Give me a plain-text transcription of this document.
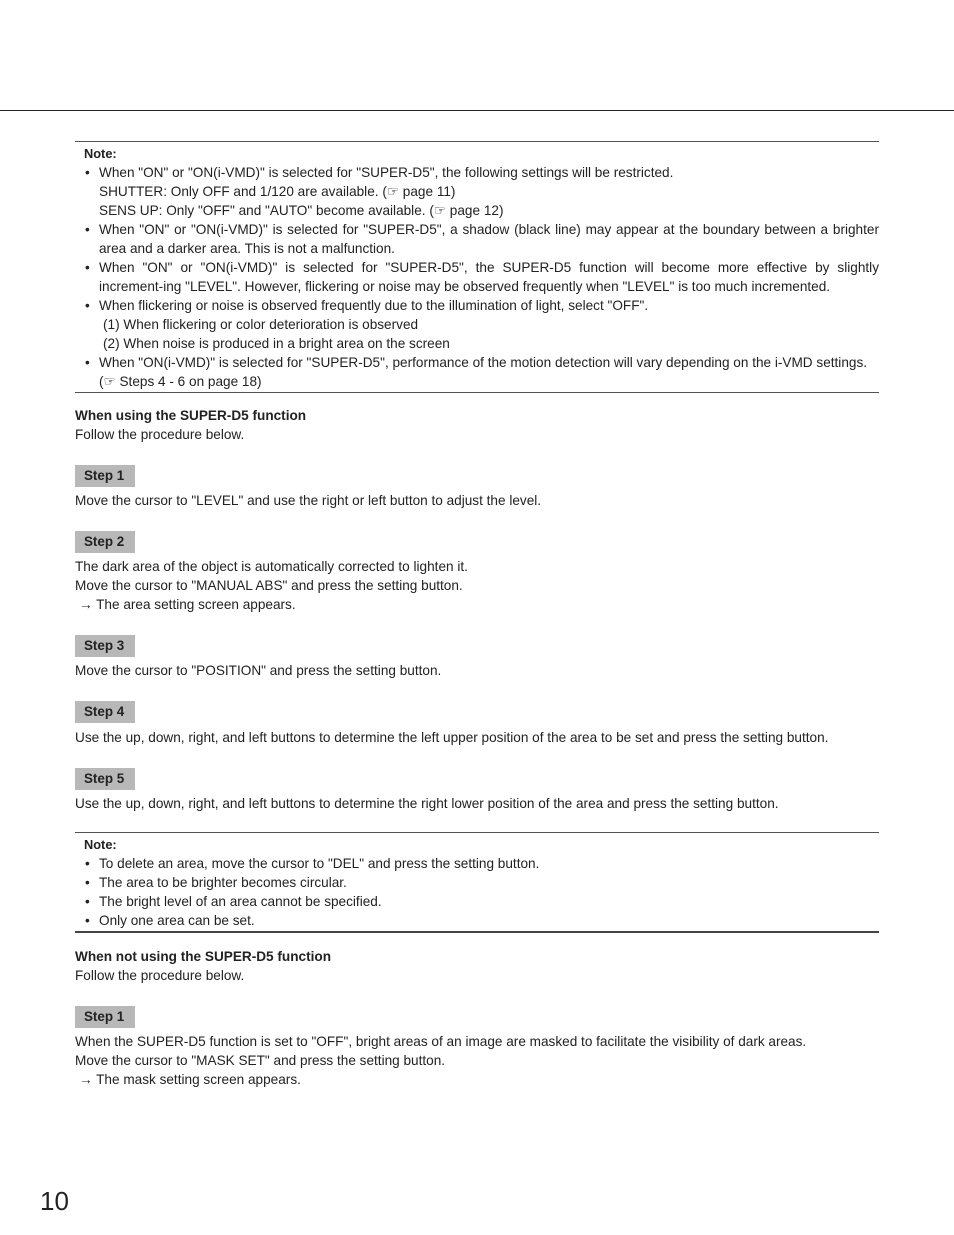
Note:
• When "ON" or "ON(i-VMD)" is selected for "SUPER-D5", the following settings will be restricted.
SHUTTER: Only OFF and 1/120 are available. (☞ page 11)
SENS UP: Only "OFF" and "AUTO" become available. (☞ page 12)
• When "ON" or "ON(i-VMD)" is selected for "SUPER-D5", a shadow (black line) may appear at the boundary between a brighter area and a darker area. This is not a malfunction.
• When "ON" or "ON(i-VMD)" is selected for "SUPER-D5", the SUPER-D5 function will become more effective by slightly increment-ing "LEVEL". However, flickering or noise may be observed frequently when "LEVEL" is too much incremented.
• When flickering or noise is observed frequently due to the illumination of light, select "OFF".
(1) When flickering or color deterioration is observed
(2) When noise is produced in a bright area on the screen
• When "ON(i-VMD)" is selected for "SUPER-D5", performance of the motion detection will vary depending on the i-VMD settings.
(☞ Steps 4 - 6 on page 18)
When using the SUPER-D5 function
Follow the procedure below.
Step 1
Move the cursor to "LEVEL" and use the right or left button to adjust the level.
Step 2
The dark area of the object is automatically corrected to lighten it.
Move the cursor to "MANUAL ABS" and press the setting button.
→ The area setting screen appears.
Step 3
Move the cursor to "POSITION" and press the setting button.
Step 4
Use the up, down, right, and left buttons to determine the left upper position of the area to be set and press the setting button.
Step 5
Use the up, down, right, and left buttons to determine the right lower position of the area and press the setting button.
Note:
• To delete an area, move the cursor to "DEL" and press the setting button.
• The area to be brighter becomes circular.
• The bright level of an area cannot be specified.
• Only one area can be set.
When not using the SUPER-D5 function
Follow the procedure below.
Step 1
When the SUPER-D5 function is set to "OFF", bright areas of an image are masked to facilitate the visibility of dark areas.
Move the cursor to "MASK SET" and press the setting button.
→ The mask setting screen appears.
10
